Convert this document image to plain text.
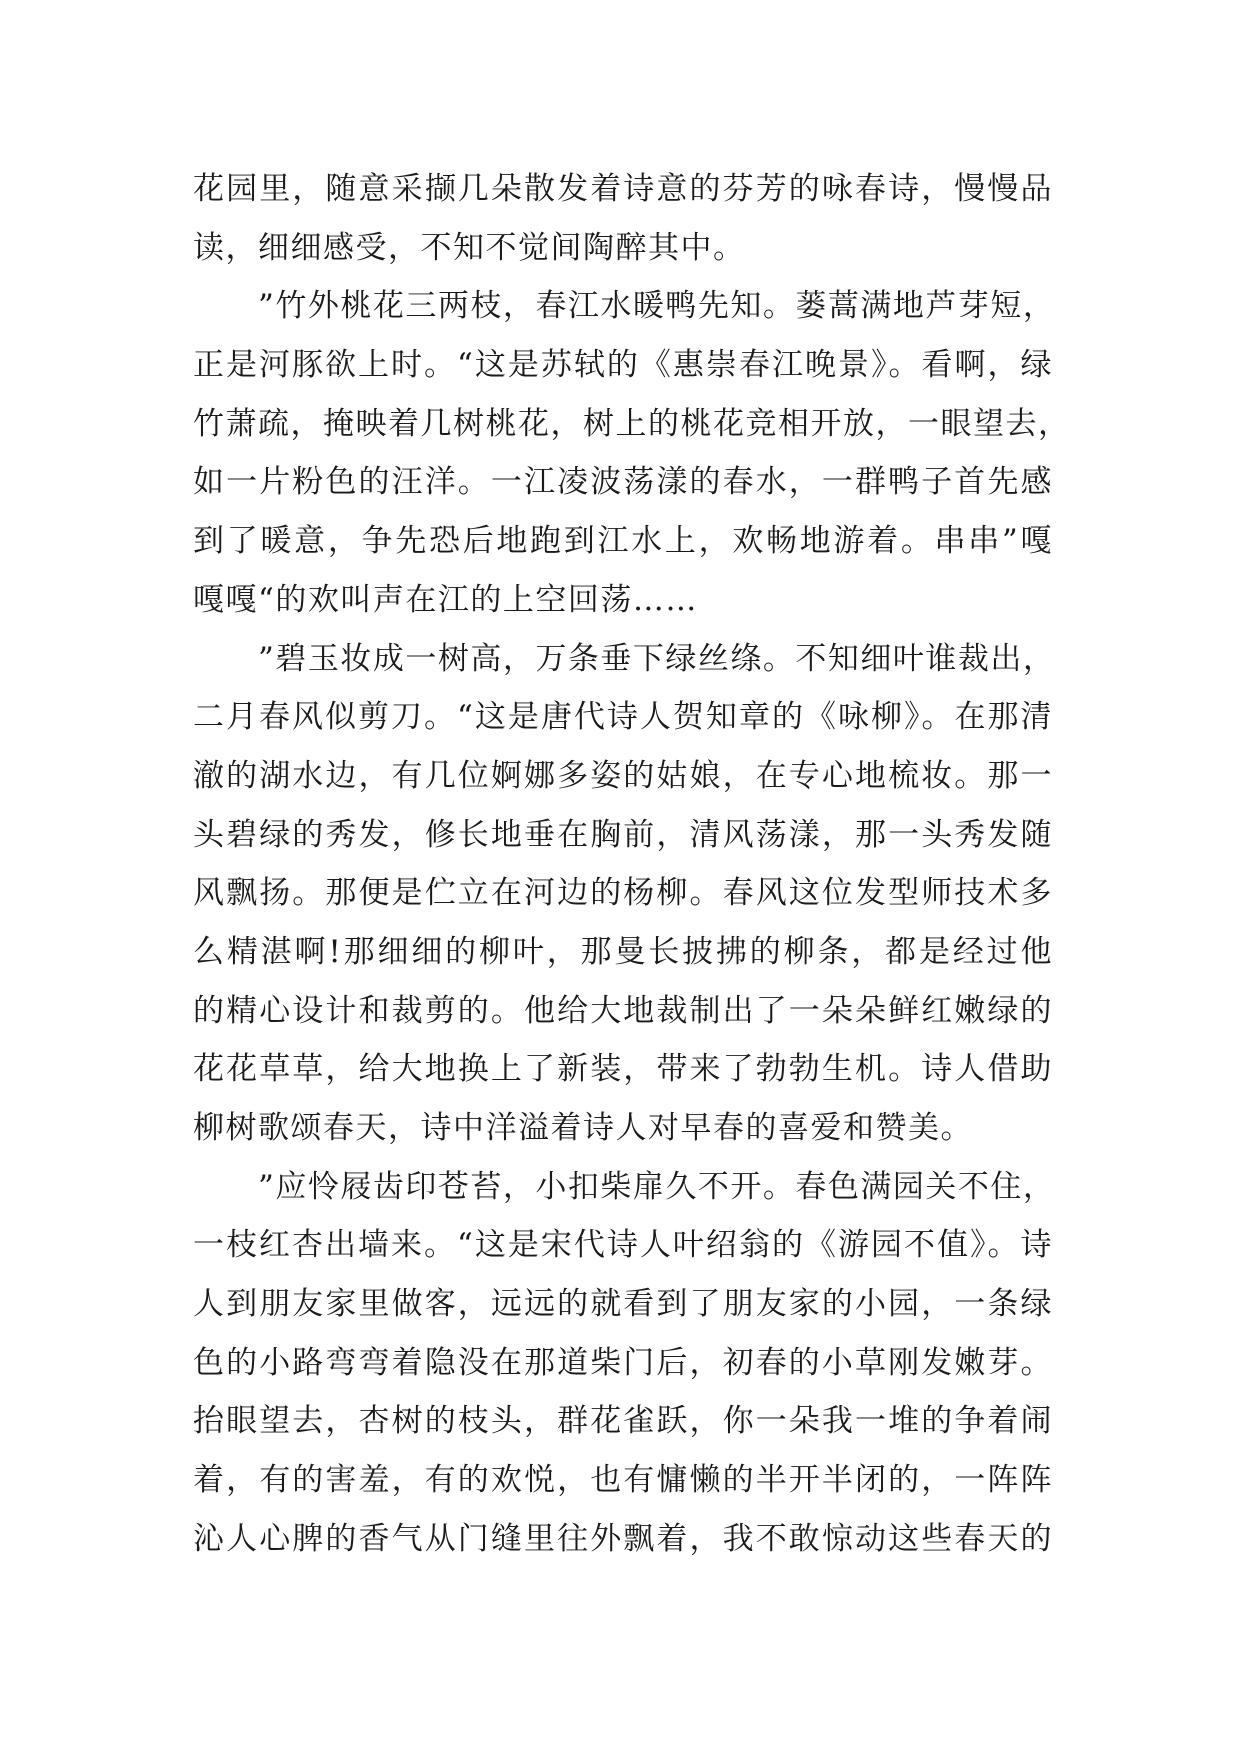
花园里，随意采撷几朵散发着诗意的芬芳的咏春诗，慢慢品
读，细细感受，不知不觉间陶醉其中。
　　”竹外桃花三两枝，春江水暖鸭先知。蒌蒿满地芦芽短，
正是河豚欲上时。“这是苏轼的《惠崇春江晚景》。看啊，绿
竹萧疏，掩映着几树桃花，树上的桃花竞相开放，一眼望去，
如一片粉色的汪洋。一江凌波荡漾的春水，一群鸭子首先感
到了暖意，争先恐后地跑到江水上，欢畅地游着。串串”嘎
嘎嘎“的欢叫声在江的上空回荡……
　　”碧玉妆成一树高，万条垂下绿丝绦。不知细叶谁裁出，
二月春风似剪刀。“这是唐代诗人贺知章的《咏柳》。在那清
澈的湖水边，有几位婀娜多姿的姑娘，在专心地梳妆。那一
头碧绿的秀发，修长地垂在胸前，清风荡漾，那一头秀发随
风飘扬。那便是伫立在河边的杨柳。春风这位发型师技术多
么精湛啊!那细细的柳叶，那曼长披拂的柳条，都是经过他
的精心设计和裁剪的。他给大地裁制出了一朵朵鲜红嫩绿的
花花草草，给大地换上了新装，带来了勃勃生机。诗人借助
柳树歌颂春天，诗中洋溢着诗人对早春的喜爱和赞美。
　　”应怜屐齿印苍苔，小扣柴扉久不开。春色满园关不住，
一枝红杏出墙来。“这是宋代诗人叶绍翁的《游园不值》。诗
人到朋友家里做客，远远的就看到了朋友家的小园，一条绿
色的小路弯弯着隐没在那道柴门后，初春的小草刚发嫩芽。
抬眼望去，杏树的枝头，群花雀跃，你一朵我一堆的争着闹
着，有的害羞，有的欢悦，也有慵懒的半开半闭的，一阵阵
沁人心脾的香气从门缝里往外飘着，我不敢惊动这些春天的
